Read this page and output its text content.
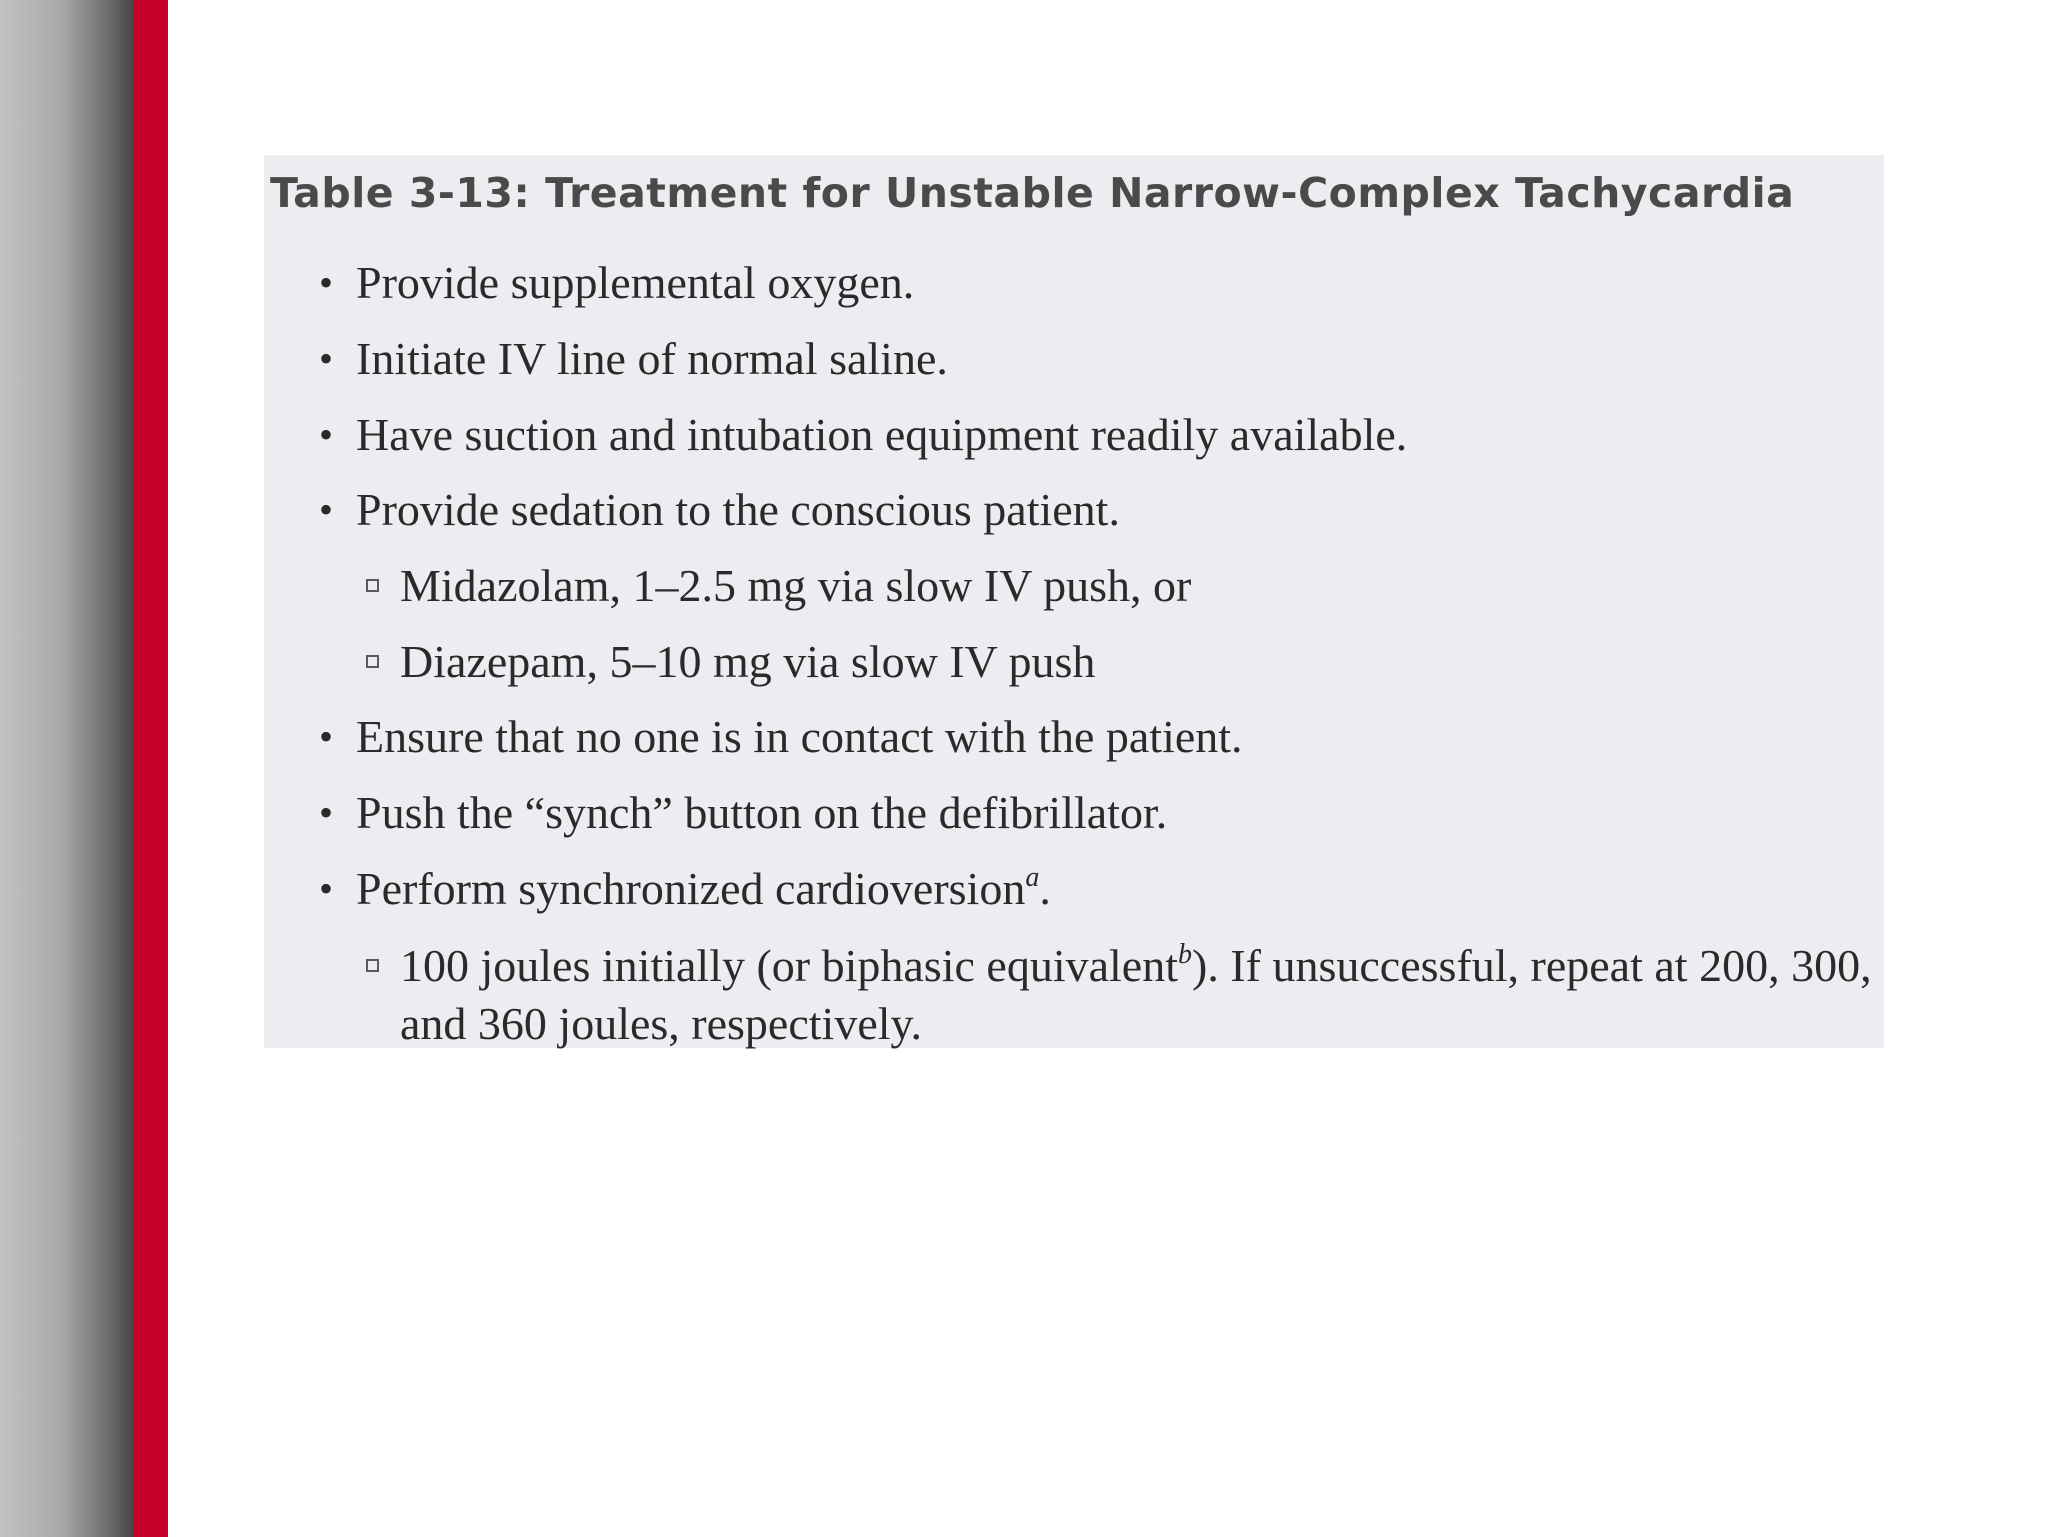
Table 3-13: Treatment for Unstable Narrow-Complex Tachycardia
• Provide supplemental oxygen.
• Initiate IV line of normal saline.
• Have suction and intubation equipment readily available.
• Provide sedation to the conscious patient.
Midazolam, 1–2.5 mg via slow IV push, or
Diazepam, 5–10 mg via slow IV push
• Ensure that no one is in contact with the patient.
• Push the “synch” button on the defibrillator.
• Perform synchronized cardioversion$^a$.
100 joules initially (or biphasic equivalent$^b$). If unsuccessful, repeat at 200, 300, and 360 joules, respectively.
